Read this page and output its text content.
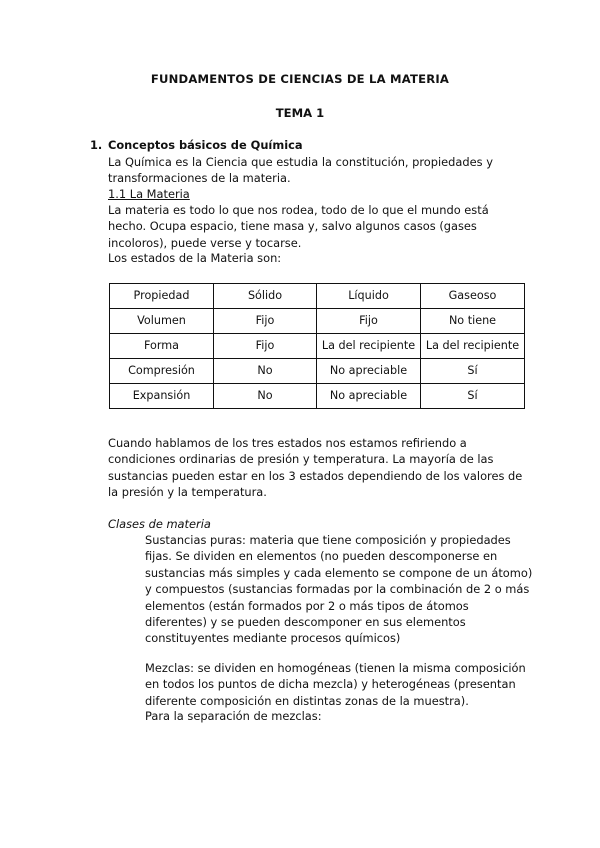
FUNDAMENTOS DE CIENCIAS DE LA MATERIA
TEMA 1
1. Conceptos básicos de Química
La Química es la Ciencia que estudia la constitución, propiedades y transformaciones de la materia.
1.1 La Materia
La materia es todo lo que nos rodea, todo de lo que el mundo está hecho. Ocupa espacio, tiene masa y, salvo algunos casos (gases incoloros), puede verse y tocarse.
Los estados de la Materia son:
Propiedad	Sólido	Líquido	Gaseoso
Volumen	Fijo	Fijo	No tiene
Forma	Fijo	La del recipiente	La del recipiente
Compresión	No	No apreciable	Sí
Expansión	No	No apreciable	Sí
Cuando hablamos de los tres estados nos estamos refiriendo a condiciones ordinarias de presión y temperatura. La mayoría de las sustancias pueden estar en los 3 estados dependiendo de los valores de la presión y la temperatura.
Clases de materia
Sustancias puras: materia que tiene composición y propiedades fijas. Se dividen en elementos (no pueden descomponerse en sustancias más simples y cada elemento se compone de un átomo) y compuestos (sustancias formadas por la combinación de 2 o más elementos (están formados por 2 o más tipos de átomos diferentes) y se pueden descomponer en sus elementos constituyentes mediante procesos químicos)
Mezclas: se dividen en homogéneas (tienen la misma composición en todos los puntos de dicha mezcla) y heterogéneas (presentan diferente composición en distintas zonas de la muestra).
Para la separación de mezclas:
